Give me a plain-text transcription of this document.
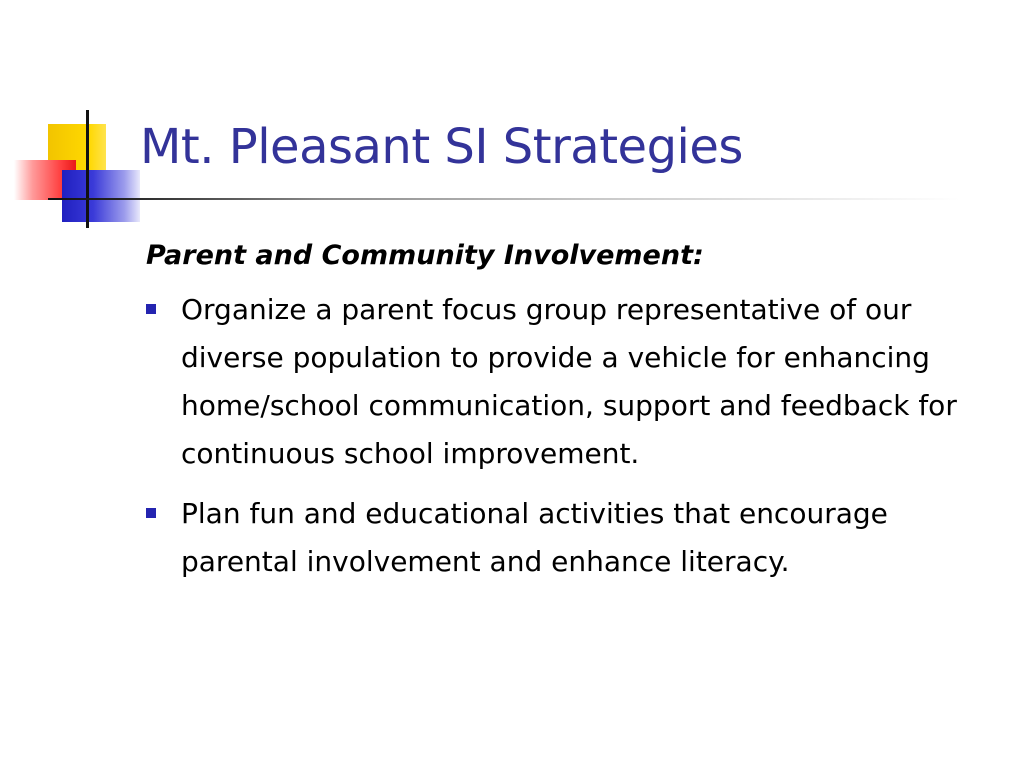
Mt. Pleasant SI Strategies
Parent and Community Involvement:
Organize a parent focus group representative of our diverse population to provide a vehicle for enhancing home/school communication, support and feedback for continuous school improvement.
Plan fun and educational activities that encourage parental involvement and enhance literacy.
